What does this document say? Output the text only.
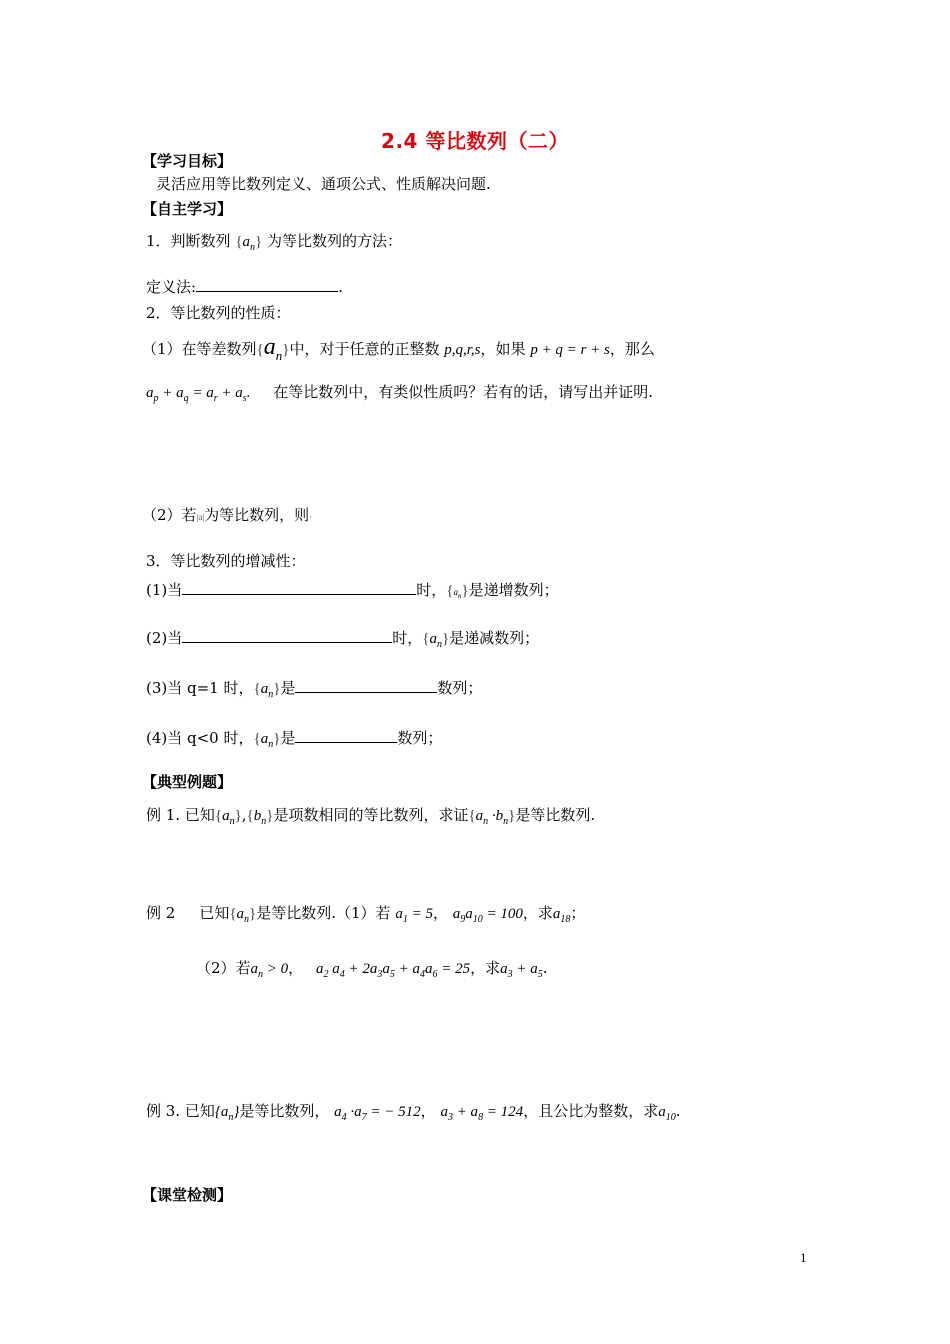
2.4 等比数列（二）
【学习目标】
灵活应用等比数列定义、通项公式、性质解决问题.
【自主学习】
1．判断数列 $\{a_n\}$ 为等比数列的方法：
定义法:	.
2．等比数列的性质：
（1）在等差数列$\{a_n\}$中，对于任意的正整数 p,q,r,s，如果 p + q = r + s，那么
$a_p + a_q = a_r + a_s$. 在等比数列中，有类似性质吗？若有的话，请写出并证明.
（2）若|a|为等比数列，则·
3．等比数列的增减性：
(1)当	时，$\{a_n\}$是递增数列；
(2)当	时，$\{a_n\}$是递减数列；
(3)当 q=1 时，$\{a_n\}$是	数列；
(4)当 q<0 时，$\{a_n\}$是	数列；
【典型例题】
例 1. 已知$\{a_n\},\{b_n\}$是项数相同的等比数列，求证$\{a_n \cdot b_n\}$是等比数列.
例 2 已知$\{a_n\}$是等比数列.（1）若 $a_1 = 5$， $a_9a_{10} = 100$，求$a_{18}$；
（2）若$a_n > 0$， $a_2$ $a_4 + 2a_3a_5 + a_4a_6 = 25$，求$a_3 + a_5$.
例 3. 已知$\{a_n\}$是等比数列， $a_4 \cdot a_7$ = − 512， $a_3 + a_8 = 124$，且公比为整数，求$a_{10}$.
【课堂检测】
1
